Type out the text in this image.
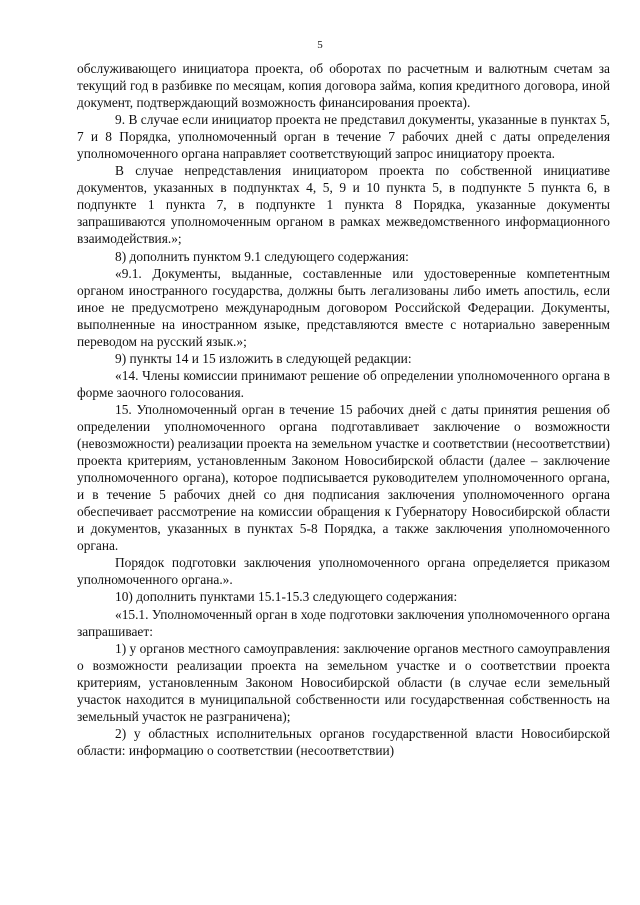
5

обслуживающего инициатора проекта, об оборотах по расчетным и валютным счетам за текущий год в разбивке по месяцам, копия договора займа, копия кредитного договора, иной документ, подтверждающий возможность финансирования проекта).

9. В случае если инициатор проекта не представил документы, указанные в пунктах 5, 7 и 8 Порядка, уполномоченный орган в течение 7 рабочих дней с даты определения уполномоченного органа направляет соответствующий запрос инициатору проекта.

В случае непредставления инициатором проекта по собственной инициативе документов, указанных в подпунктах 4, 5, 9 и 10 пункта 5, в подпункте 5 пункта 6, в подпункте 1 пункта 7, в подпункте 1 пункта 8 Порядка, указанные документы запрашиваются уполномоченным органом в рамках межведомственного информационного взаимодействия.»;

8) дополнить пунктом 9.1 следующего содержания:

«9.1. Документы, выданные, составленные или удостоверенные компетентным органом иностранного государства, должны быть легализованы либо иметь апостиль, если иное не предусмотрено международным договором Российской Федерации. Документы, выполненные на иностранном языке, представляются вместе с нотариально заверенным переводом на русский язык.»;

9) пункты 14 и 15 изложить в следующей редакции:

«14. Члены комиссии принимают решение об определении уполномоченного органа в форме заочного голосования.

15. Уполномоченный орган в течение 15 рабочих дней с даты принятия решения об определении уполномоченного органа подготавливает заключение о возможности (невозможности) реализации проекта на земельном участке и соответствии (несоответствии) проекта критериям, установленным Законом Новосибирской области (далее – заключение уполномоченного органа), которое подписывается руководителем уполномоченного органа, и в течение 5 рабочих дней со дня подписания заключения уполномоченного органа обеспечивает рассмотрение на комиссии обращения к Губернатору Новосибирской области и документов, указанных в пунктах 5-8 Порядка, а также заключения уполномоченного органа.

Порядок подготовки заключения уполномоченного органа определяется приказом уполномоченного органа.».

10) дополнить пунктами 15.1-15.3 следующего содержания:

«15.1. Уполномоченный орган в ходе подготовки заключения уполномоченного органа запрашивает:

1) у органов местного самоуправления: заключение органов местного самоуправления о возможности реализации проекта на земельном участке и о соответствии проекта критериям, установленным Законом Новосибирской области (в случае если земельный участок находится в муниципальной собственности или государственная собственность на земельный участок не разграничена);

2) у областных исполнительных органов государственной власти Новосибирской области: информацию о соответствии (несоответствии)
